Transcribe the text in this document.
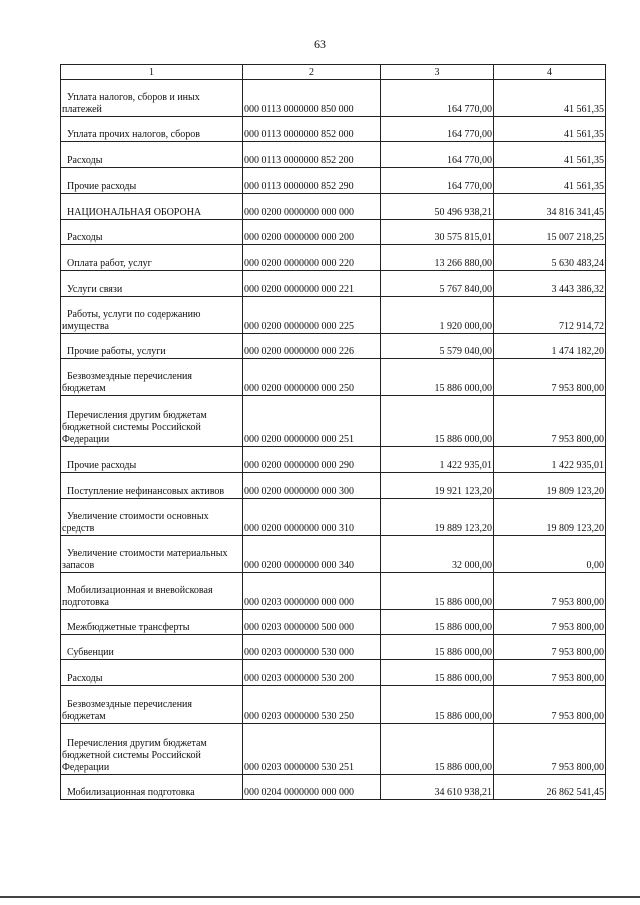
63
1	2	3	4

Уплата налогов, сборов и иных
платежей	000 0113 0000000 850 000	164 770,00	41 561,35

Уплата прочих налогов, сборов	000 0113 0000000 852 000	164 770,00	41 561,35

Расходы	000 0113 0000000 852 200	164 770,00	41 561,35

Прочие расходы	000 0113 0000000 852 290	164 770,00	41 561,35

НАЦИОНАЛЬНАЯ ОБОРОНА	000 0200 0000000 000 000	50 496 938,21	34 816 341,45

Расходы	000 0200 0000000 000 200	30 575 815,01	15 007 218,25

Оплата работ, услуг	000 0200 0000000 000 220	13 266 880,00	5 630 483,24

Услуги связи	000 0200 0000000 000 221	5 767 840,00	3 443 386,32

Работы, услуги по содержанию
имущества	000 0200 0000000 000 225	1 920 000,00	712 914,72

Прочие работы, услуги	000 0200 0000000 000 226	5 579 040,00	1 474 182,20

Безвозмездные перечисления
бюджетам	000 0200 0000000 000 250	15 886 000,00	7 953 800,00

Перечисления другим бюджетам
бюджетной системы Российской
Федерации	000 0200 0000000 000 251	15 886 000,00	7 953 800,00

Прочие расходы	000 0200 0000000 000 290	1 422 935,01	1 422 935,01

Поступление нефинансовых активов	000 0200 0000000 000 300	19 921 123,20	19 809 123,20

Увеличение стоимости основных
средств	000 0200 0000000 000 310	19 889 123,20	19 809 123,20

Увеличение стоимости материальных
запасов	000 0200 0000000 000 340	32 000,00	0,00

Мобилизационная и вневойсковая
подготовка	000 0203 0000000 000 000	15 886 000,00	7 953 800,00

Межбюджетные трансферты	000 0203 0000000 500 000	15 886 000,00	7 953 800,00

Субвенции	000 0203 0000000 530 000	15 886 000,00	7 953 800,00

Расходы	000 0203 0000000 530 200	15 886 000,00	7 953 800,00

Безвозмездные перечисления
бюджетам	000 0203 0000000 530 250	15 886 000,00	7 953 800,00

Перечисления другим бюджетам
бюджетной системы Российской
Федерации	000 0203 0000000 530 251	15 886 000,00	7 953 800,00

Мобилизационная подготовка	000 0204 0000000 000 000	34 610 938,21	26 862 541,45
